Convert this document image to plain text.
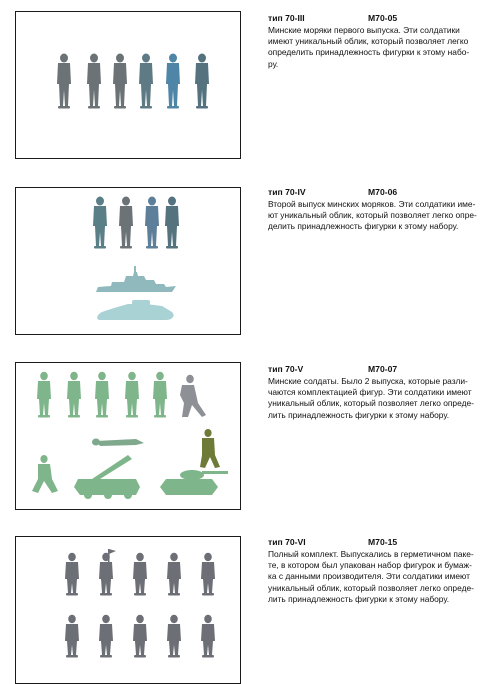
тип 70-III	M70-05
Минские моряки первого выпуска. Эти солдатики
имеют уникальный облик, который позволяет легко
определить принадлежность фигурки к этому набо-
ру.
тип 70-IV	M70-06
Второй выпуск минских моряков. Эти солдатики име-
ют уникальный облик, который позволяет легко опре-
делить принадлежность фигурки к этому набору.
тип 70-V	M70-07
Минские солдаты. Было 2 выпуска, которые разли-
чаются комплектацией фигур. Эти солдатики имеют
уникальный облик, который позволяет легко опреде-
лить принадлежность фигурки к этому набору.
тип 70-VI	M70-15
Полный комплект. Выпускались в герметичном паке-
те, в котором был упакован набор фигурок и бумаж-
ка с данными производителя. Эти солдатики имеют
уникальный облик, который позволяет легко опреде-
лить принадлежность фигурки к этому набору.
